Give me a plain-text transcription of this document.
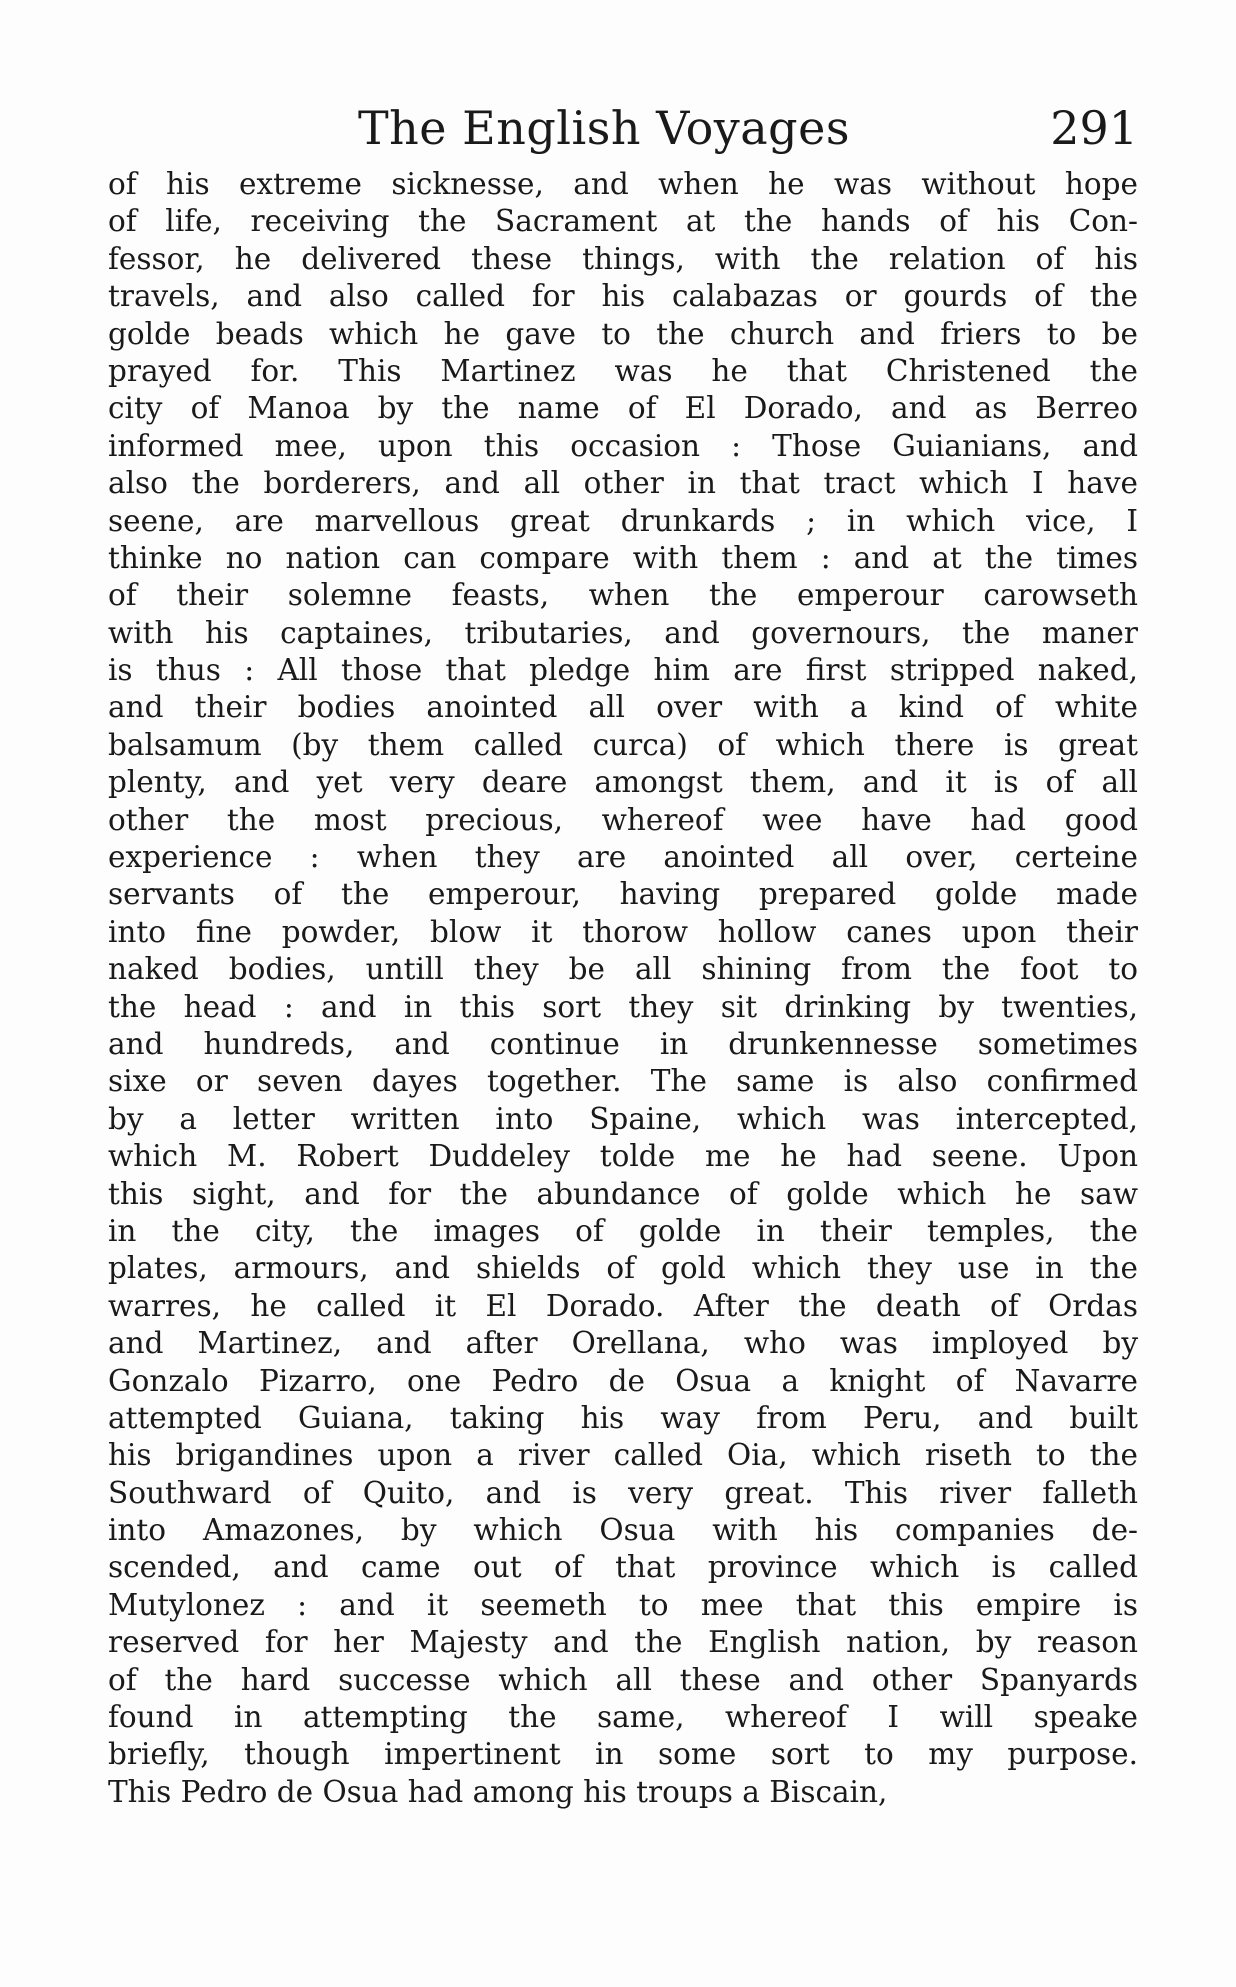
The English Voyages	291
of his extreme sicknesse, and when he was without hope
of life, receiving the Sacrament at the hands of his Con-
fessor, he delivered these things, with the relation of his
travels, and also called for his calabazas or gourds of the
golde beads which he gave to the church and friers to be
prayed for. This Martinez was he that Christened the
city of Manoa by the name of El Dorado, and as Berreo
informed mee, upon this occasion : Those Guianians, and
also the borderers, and all other in that tract which I have
seene, are marvellous great drunkards ; in which vice, I
thinke no nation can compare with them : and at the times
of their solemne feasts, when the emperour carowseth
with his captaines, tributaries, and governours, the maner
is thus : All those that pledge him are first stripped naked,
and their bodies anointed all over with a kind of white
balsamum (by them called curca) of which there is great
plenty, and yet very deare amongst them, and it is of all
other the most precious, whereof wee have had good
experience : when they are anointed all over, certeine
servants of the emperour, having prepared golde made
into fine powder, blow it thorow hollow canes upon their
naked bodies, untill they be all shining from the foot to
the head : and in this sort they sit drinking by twenties,
and hundreds, and continue in drunkennesse sometimes
sixe or seven dayes together. The same is also confirmed
by a letter written into Spaine, which was intercepted,
which M. Robert Duddeley tolde me he had seene. Upon
this sight, and for the abundance of golde which he saw
in the city, the images of golde in their temples, the
plates, armours, and shields of gold which they use in the
warres, he called it El Dorado. After the death of Ordas
and Martinez, and after Orellana, who was imployed by
Gonzalo Pizarro, one Pedro de Osua a knight of Navarre
attempted Guiana, taking his way from Peru, and built
his brigandines upon a river called Oia, which riseth to the
Southward of Quito, and is very great. This river falleth
into Amazones, by which Osua with his companies de-
scended, and came out of that province which is called
Mutylonez : and it seemeth to mee that this empire is
reserved for her Majesty and the English nation, by reason
of the hard successe which all these and other Spanyards
found in attempting the same, whereof I will speake
briefly, though impertinent in some sort to my purpose.
This Pedro de Osua had among his troups a Biscain,
